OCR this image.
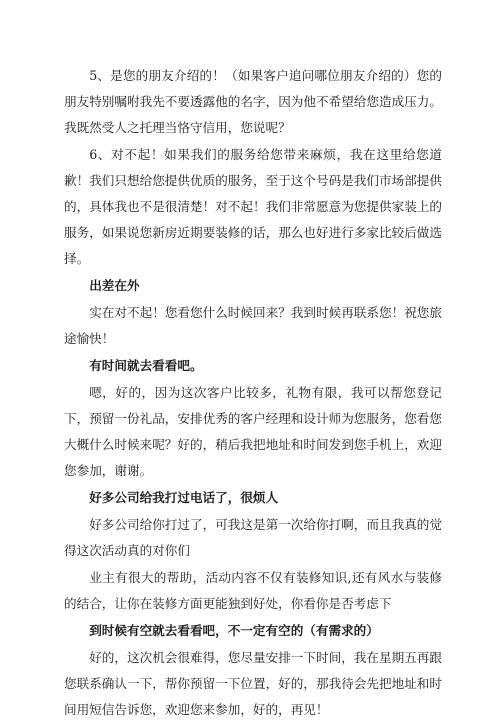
5、是您的朋友介绍的！（如果客户追问哪位朋友介绍的）您的朋友特别嘱咐我先不要透露他的名字，因为他不希望给您造成压力。我既然受人之托理当恪守信用，您说呢？

6、对不起！如果我们的服务给您带来麻烦，我在这里给您道歉！我们只想给您提供优质的服务，至于这个号码是我们市场部提供的，具体我也不是很清楚！对不起！我们非常愿意为您提供家装上的服务，如果说您新房近期要装修的话，那么也好进行多家比较后做选择。

出差在外

实在对不起！您看您什么时候回来？我到时候再联系您！祝您旅途愉快！

有时间就去看看吧。

嗯，好的，因为这次客户比较多，礼物有限，我可以帮您登记下，预留一份礼品，安排优秀的客户经理和设计师为您服务，您看您大概什么时候来呢？好的，稍后我把地址和时间发到您手机上，欢迎您参加，谢谢。

好多公司给我打过电话了，很烦人

好多公司给你打过了，可我这是第一次给你打啊，而且我真的觉得这次活动真的对你们

业主有很大的帮助，活动内容不仅有装修知识,还有风水与装修的结合，让你在装修方面更能独到好处，你看你是否考虑下

到时候有空就去看看吧，不一定有空的（有需求的）

好的，这次机会很难得，您尽量安排一下时间，我在星期五再跟您联系确认一下，帮你预留一下位置，好的，那我待会先把地址和时间用短信告诉您，欢迎您来参加，好的，再见！
